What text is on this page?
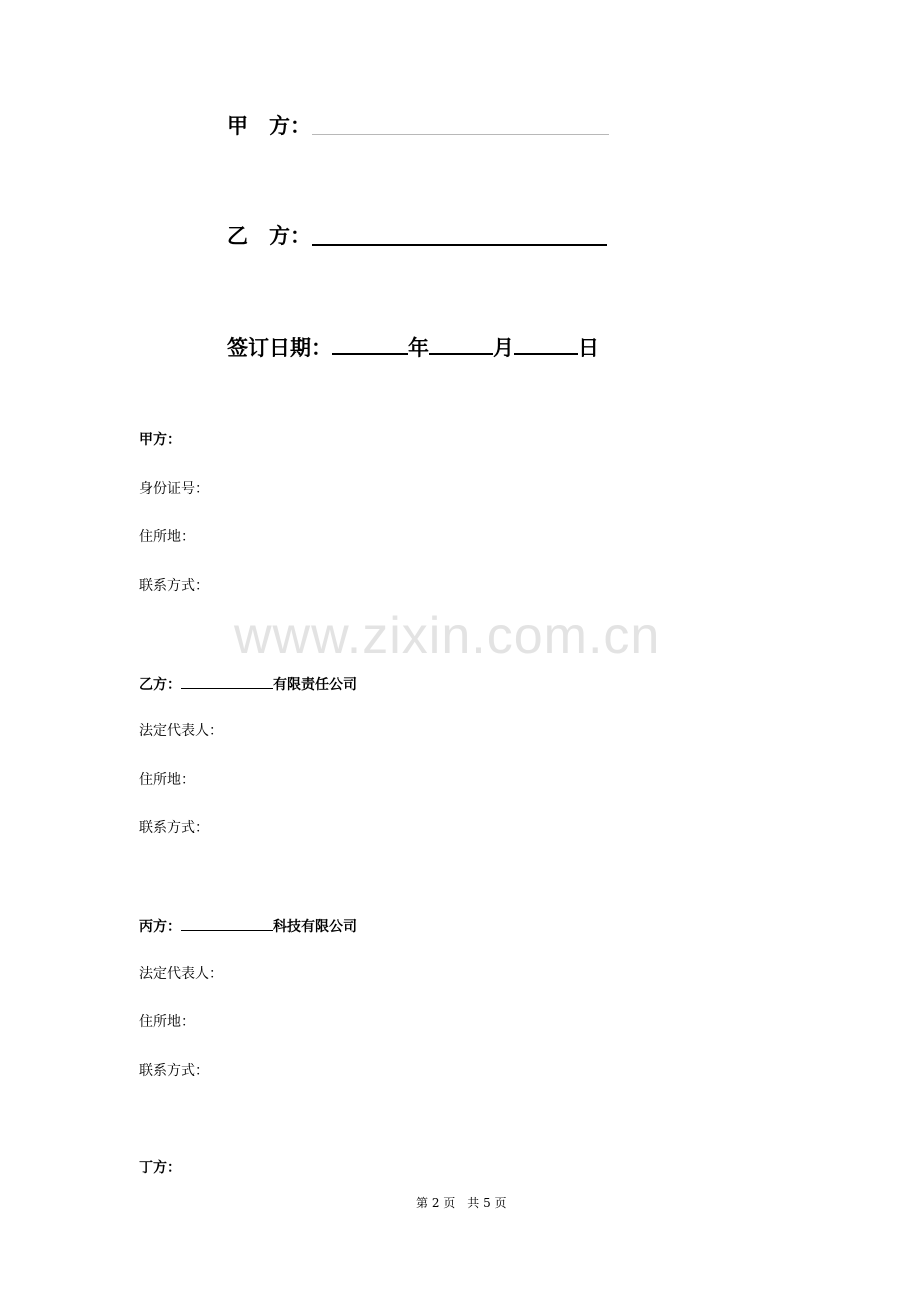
甲　方：
乙　方：
签订日期：	年	月	日
甲方：
身份证号：
住所地：
联系方式：
www.zixin.com.cn
乙方：	有限责任公司
法定代表人：
住所地：
联系方式：
丙方：	科技有限公司
法定代表人：
住所地：
联系方式：
丁方：
第 2 页　共 5 页
